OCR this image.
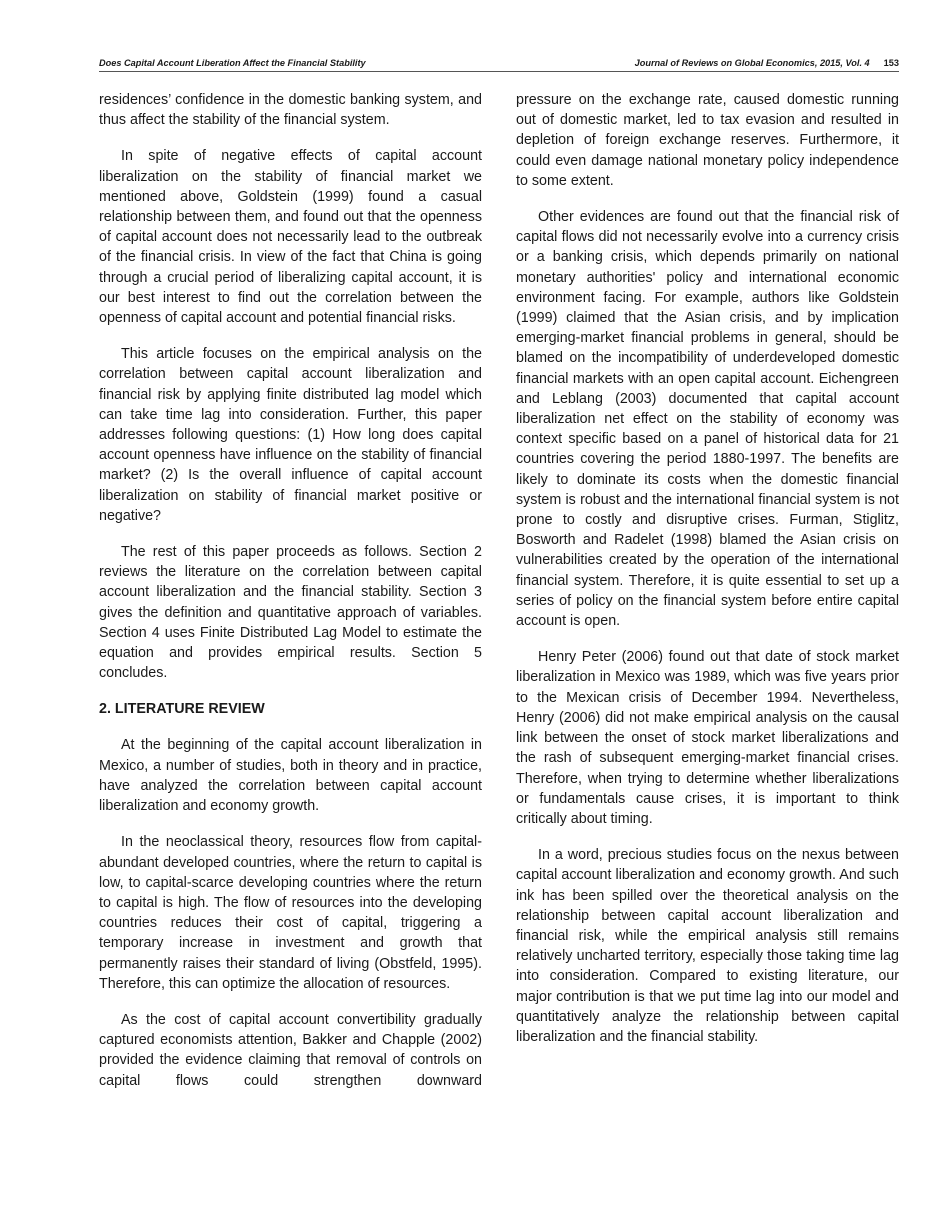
Does Capital Account Liberation Affect the Financial Stability	Journal of Reviews on Global Economics, 2015, Vol. 4 153

residences’ confidence in the domestic banking system, and thus affect the stability of the financial system.

In spite of negative effects of capital account liberalization on the stability of financial market we mentioned above, Goldstein (1999) found a casual relationship between them, and found out that the openness of capital account does not necessarily lead to the outbreak of the financial crisis. In view of the fact that China is going through a crucial period of liberalizing capital account, it is our best interest to find out the correlation between the openness of capital account and potential financial risks.

This article focuses on the empirical analysis on the correlation between capital account liberalization and financial risk by applying finite distributed lag model which can take time lag into consideration. Further, this paper addresses following questions: (1) How long does capital account openness have influence on the stability of financial market? (2) Is the overall influence of capital account liberalization on stability of financial market positive or negative?

The rest of this paper proceeds as follows. Section 2 reviews the literature on the correlation between capital account liberalization and the financial stability. Section 3 gives the definition and quantitative approach of variables. Section 4 uses Finite Distributed Lag Model to estimate the equation and provides empirical results. Section 5 concludes.

2. LITERATURE REVIEW

At the beginning of the capital account liberalization in Mexico, a number of studies, both in theory and in practice, have analyzed the correlation between capital account liberalization and economy growth.

In the neoclassical theory, resources flow from capital-abundant developed countries, where the return to capital is low, to capital-scarce developing countries where the return to capital is high. The flow of resources into the developing countries reduces their cost of capital, triggering a temporary increase in investment and growth that permanently raises their standard of living (Obstfeld, 1995). Therefore, this can optimize the allocation of resources.

As the cost of capital account convertibility gradually captured economists attention, Bakker and Chapple (2002) provided the evidence claiming that removal of controls on capital flows could strengthen downward

pressure on the exchange rate, caused domestic running out of domestic market, led to tax evasion and resulted in depletion of foreign exchange reserves. Furthermore, it could even damage national monetary policy independence to some extent.

Other evidences are found out that the financial risk of capital flows did not necessarily evolve into a currency crisis or a banking crisis, which depends primarily on national monetary authorities' policy and international economic environment facing. For example, authors like Goldstein (1999) claimed that the Asian crisis, and by implication emerging-market financial problems in general, should be blamed on the incompatibility of underdeveloped domestic financial markets with an open capital account. Eichengreen and Leblang (2003) documented that capital account liberalization net effect on the stability of economy was context specific based on a panel of historical data for 21 countries covering the period 1880-1997. The benefits are likely to dominate its costs when the domestic financial system is robust and the international financial system is not prone to costly and disruptive crises. Furman, Stiglitz, Bosworth and Radelet (1998) blamed the Asian crisis on vulnerabilities created by the operation of the international financial system. Therefore, it is quite essential to set up a series of policy on the financial system before entire capital account is open.

Henry Peter (2006) found out that date of stock market liberalization in Mexico was 1989, which was five years prior to the Mexican crisis of December 1994. Nevertheless, Henry (2006) did not make empirical analysis on the causal link between the onset of stock market liberalizations and the rash of subsequent emerging-market financial crises. Therefore, when trying to determine whether liberalizations or fundamentals cause crises, it is important to think critically about timing.

In a word, precious studies focus on the nexus between capital account liberalization and economy growth. And such ink has been spilled over the theoretical analysis on the relationship between capital account liberalization and financial risk, while the empirical analysis still remains relatively uncharted territory, especially those taking time lag into consideration. Compared to existing literature, our major contribution is that we put time lag into our model and quantitatively analyze the relationship between capital liberalization and the financial stability.
